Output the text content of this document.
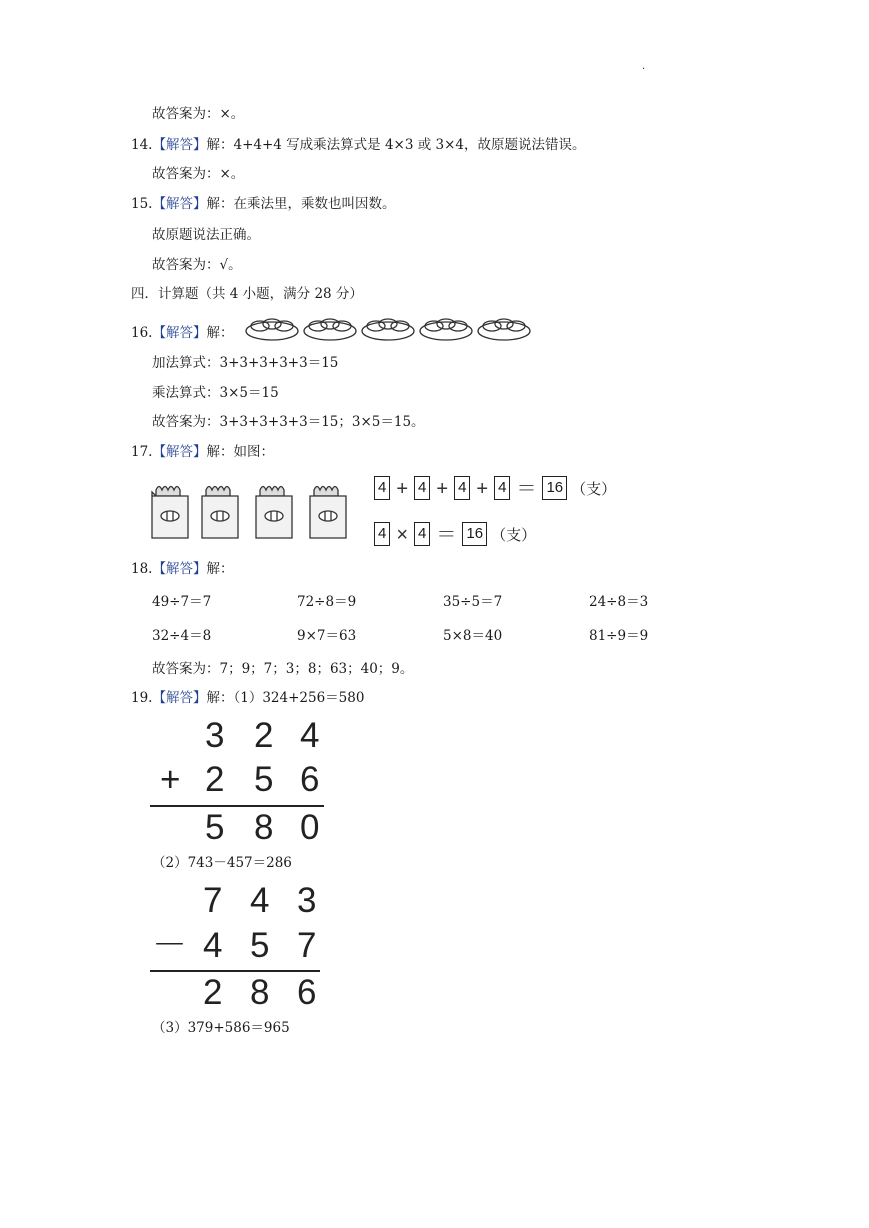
.
故答案为：×。
14.【解答】解：4+4+4 写成乘法算式是 4×3 或 3×4，故原题说法错误。
故答案为：×。
15.【解答】解：在乘法里，乘数也叫因数。
故原题说法正确。
故答案为：√。
四．计算题（共 4 小题，满分 28 分）
16.【解答】解：
加法算式：3+3+3+3+3＝15
乘法算式：3×5＝15
故答案为：3+3+3+3+3＝15；3×5＝15。
17.【解答】解：如图：
4 + 4 + 4 + 4 ＝ 16 （支）
4 × 4 ＝ 16 （支）
18.【解答】解：
49÷7＝7	72÷8＝9	35÷5＝7	24÷8＝3
32÷4＝8	9×7＝63	5×8＝40	81÷9＝9
故答案为：7；9；7；3；8；63；40；9。
19.【解答】解：（1）324+256＝580
3 2 4
+ 2 5 6
5 8 0
（2）743－457＝286
7 4 3
－ 4 5 7
2 8 6
（3）379+586＝965
